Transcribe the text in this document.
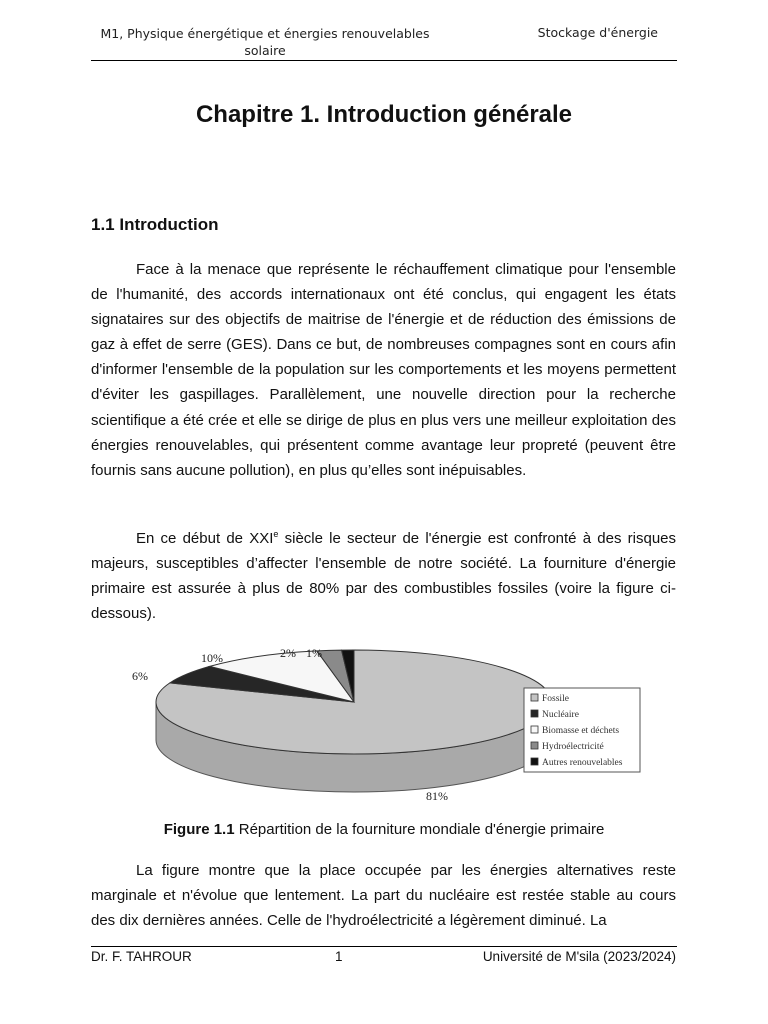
M1, Physique énergétique et énergies renouvelables solaire
Stockage d'énergie
Chapitre 1. Introduction générale
1.1 Introduction

Face à la menace que représente le réchauffement climatique pour l'ensemble de l'humanité, des accords internationaux ont été conclus, qui engagent les états signataires sur des objectifs de maitrise de l'énergie et de réduction des émissions de gaz à effet de serre (GES). Dans ce but, de nombreuses compagnes sont en cours afin d'informer l'ensemble de la population sur les comportements et les moyens permettent d'éviter les gaspillages. Parallèlement, une nouvelle direction pour la recherche scientifique a été crée et elle se dirige de plus en plus vers une meilleur exploitation des énergies renouvelables, qui présentent comme avantage leur propreté (peuvent être fournis sans aucune pollution), en plus qu’elles sont inépuisables.

En ce début de XXIe siècle le secteur de l'énergie est confronté à des risques majeurs, susceptibles d’affecter l'ensemble de notre société. La fourniture d'énergie primaire est assurée à plus de 80% par des combustibles fossiles (voire la figure ci-dessous).

81%
6%
10%	2% 1%
Fossile
Nucléaire
Biomasse et déchets
Hydroélectricité
Autres renouvelables
Figure 1.1 Répartition de la fourniture mondiale d'énergie primaire

La figure montre que la place occupée par les énergies alternatives reste marginale et n'évolue que lentement. La part du nucléaire est restée stable au cours des dix dernières années. Celle de l'hydroélectricité a légèrement diminué. La

Dr. F. TAHROUR	1	Université de M'sila (2023/2024)
